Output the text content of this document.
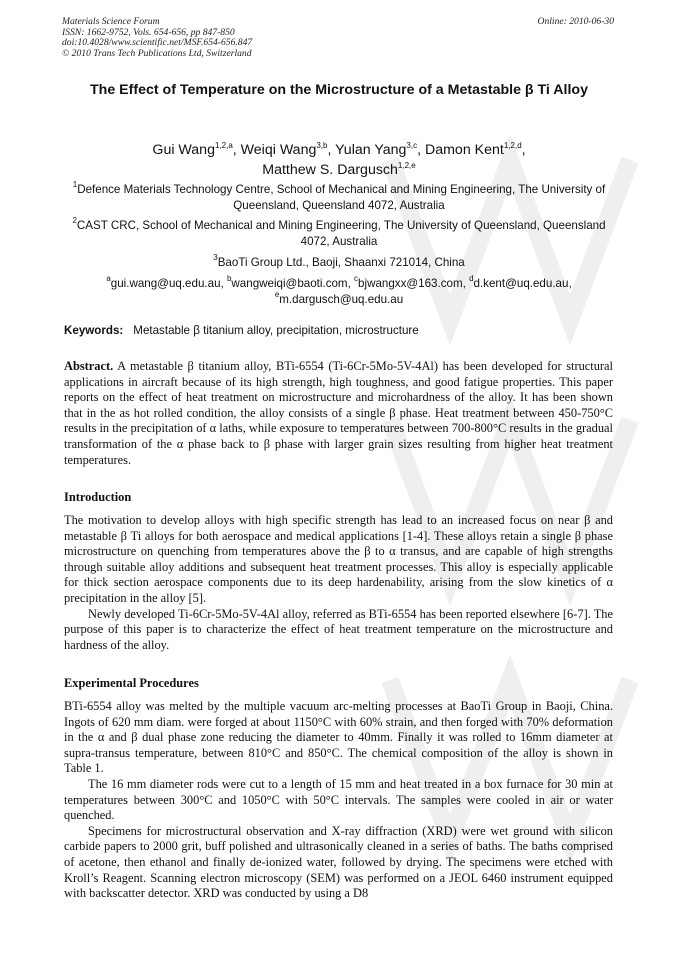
Materials Science Forum
ISSN: 1662-9752, Vols. 654-656, pp 847-850
doi:10.4028/www.scientific.net/MSF.654-656.847
© 2010 Trans Tech Publications Ltd, Switzerland
Online: 2010-06-30
The Effect of Temperature on the Microstructure of a Metastable β Ti Alloy
Gui Wang$^{1,2,a}$, Weiqi Wang$^{3,b}$, Yulan Yang$^{3,c}$, Damon Kent$^{1,2,d}$,
Matthew S. Dargusch$^{1,2,e}$
$^1$Defence Materials Technology Centre, School of Mechanical and Mining Engineering, The University of Queensland, Queensland 4072, Australia
$^2$CAST CRC, School of Mechanical and Mining Engineering, The University of Queensland, Queensland 4072, Australia
$^3$BaoTi Group Ltd., Baoji, Shaanxi 721014, China
$^a$gui.wang@uq.edu.au, $^b$wangweiqi@baoti.com, $^c$bjwangxx@163.com, $^d$d.kent@uq.edu.au, $^e$m.dargusch@uq.edu.au
Keywords: Metastable β titanium alloy, precipitation, microstructure

Abstract. A metastable β titanium alloy, BTi-6554 (Ti-6Cr-5Mo-5V-4Al) has been developed for structural applications in aircraft because of its high strength, high toughness, and good fatigue properties. This paper reports on the effect of heat treatment on microstructure and microhardness of the alloy. It has been shown that in the as hot rolled condition, the alloy consists of a single β phase. Heat treatment between 450-750°C results in the precipitation of α laths, while exposure to temperatures between 700-800°C results in the gradual transformation of the α phase back to β phase with larger grain sizes resulting from higher heat treatment temperatures.

Introduction

The motivation to develop alloys with high specific strength has lead to an increased focus on near β and metastable β Ti alloys for both aerospace and medical applications [1-4]. These alloys retain a single β phase microstructure on quenching from temperatures above the β to α transus, and are capable of high strengths through suitable alloy additions and subsequent heat treatment processes. This alloy is especially applicable for thick section aerospace components due to its deep hardenability, arising from the slow kinetics of α precipitation in the alloy [5].

Newly developed Ti-6Cr-5Mo-5V-4Al alloy, referred as BTi-6554 has been reported elsewhere [6-7]. The purpose of this paper is to characterize the effect of heat treatment temperature on the microstructure and hardness of the alloy.

Experimental Procedures

BTi-6554 alloy was melted by the multiple vacuum arc-melting processes at BaoTi Group in Baoji, China. Ingots of 620 mm diam. were forged at about 1150°C with 60% strain, and then forged with 70% deformation in the α and β dual phase zone reducing the diameter to 40mm. Finally it was rolled to 16mm diameter at supra-transus temperature, between 810°C and 850°C. The chemical composition of the alloy is shown in Table 1.

The 16 mm diameter rods were cut to a length of 15 mm and heat treated in a box furnace for 30 min at temperatures between 300°C and 1050°C with 50°C intervals. The samples were cooled in air or water quenched.

Specimens for microstructural observation and X-ray diffraction (XRD) were wet ground with silicon carbide papers to 2000 grit, buff polished and ultrasonically cleaned in a series of baths. The baths comprised of acetone, then ethanol and finally de-ionized water, followed by drying. The specimens were etched with Kroll’s Reagent. Scanning electron microscopy (SEM) was performed on a JEOL 6460 instrument equipped with backscatter detector. XRD was conducted by using a D8
